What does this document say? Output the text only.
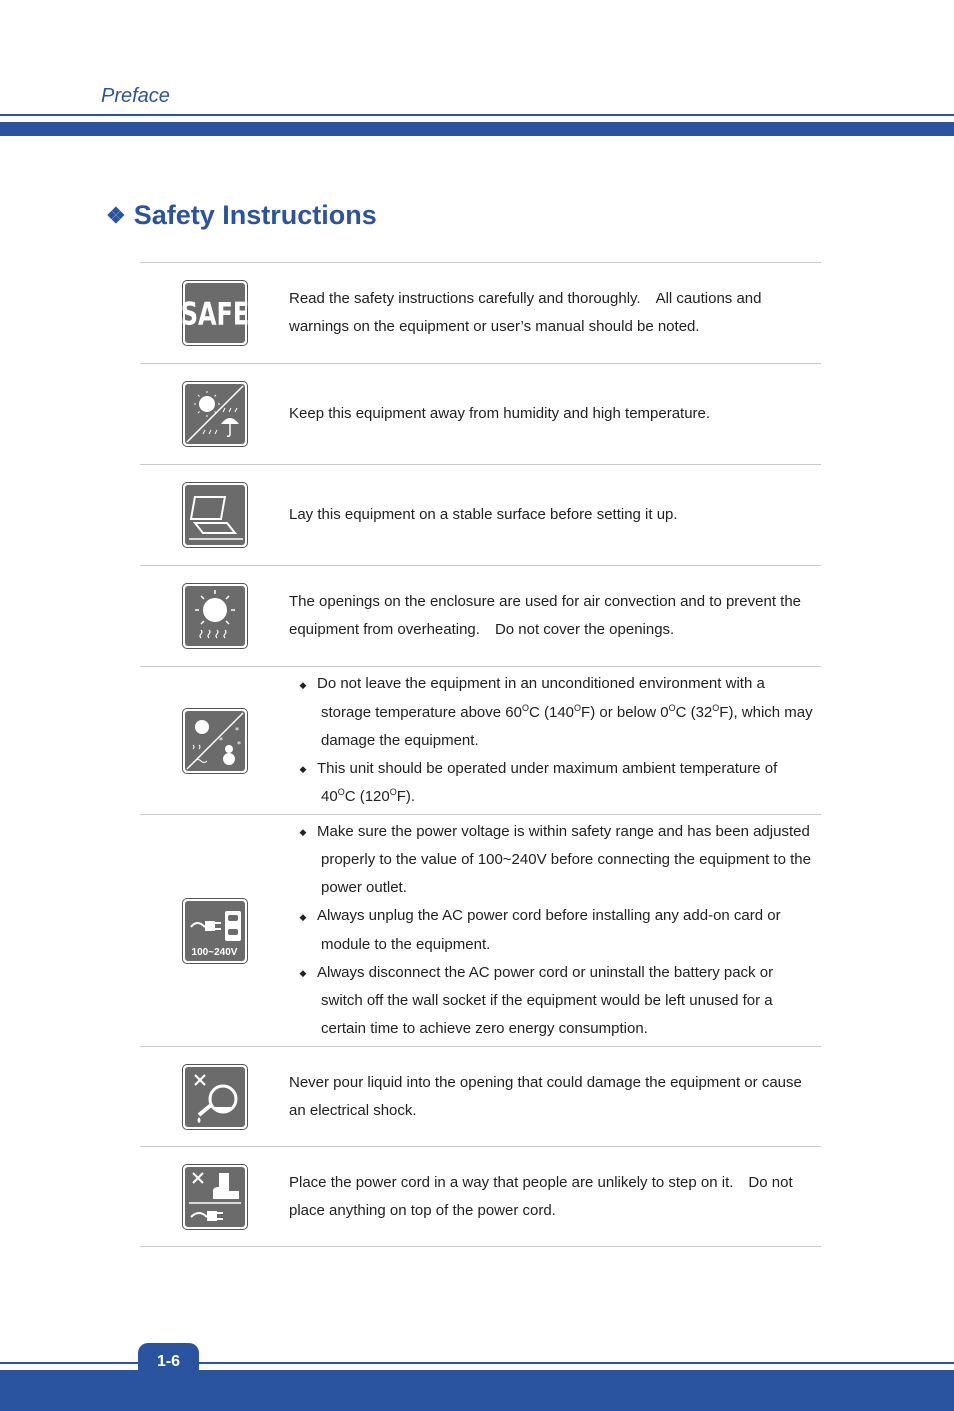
Preface
❖ Safety Instructions
SAFE	Read the safety instructions carefully and thoroughly.　All cautions and warnings on the equipment or user’s manual should be noted.
Keep this equipment away from humidity and high temperature.
Lay this equipment on a stable surface before setting it up.
The openings on the enclosure are used for air convection and to prevent the equipment from overheating.　Do not cover the openings.
*
*
*
◆ Do not leave the equipment in an unconditioned environment with a storage temperature above $60^OC$ $(140^OF)$ or below $0^OC$ $(32^OF)$, which may damage the equipment.
◆ This unit should be operated under maximum ambient temperature of $40^OC$ $(120^OF)$.
100~240V
◆ Make sure the power voltage is within safety range and has been adjusted properly to the value of 100~240V before connecting the equipment to the power outlet.
◆ Always unplug the AC power cord before installing any add-on card or module to the equipment.
◆ Always disconnect the AC power cord or uninstall the battery pack or switch off the wall socket if the equipment would be left unused for a certain time to achieve zero energy consumption.
Never pour liquid into the opening that could damage the equipment or cause an electrical shock.
Place the power cord in a way that people are unlikely to step on it.　Do not place anything on top of the power cord.
1-6
